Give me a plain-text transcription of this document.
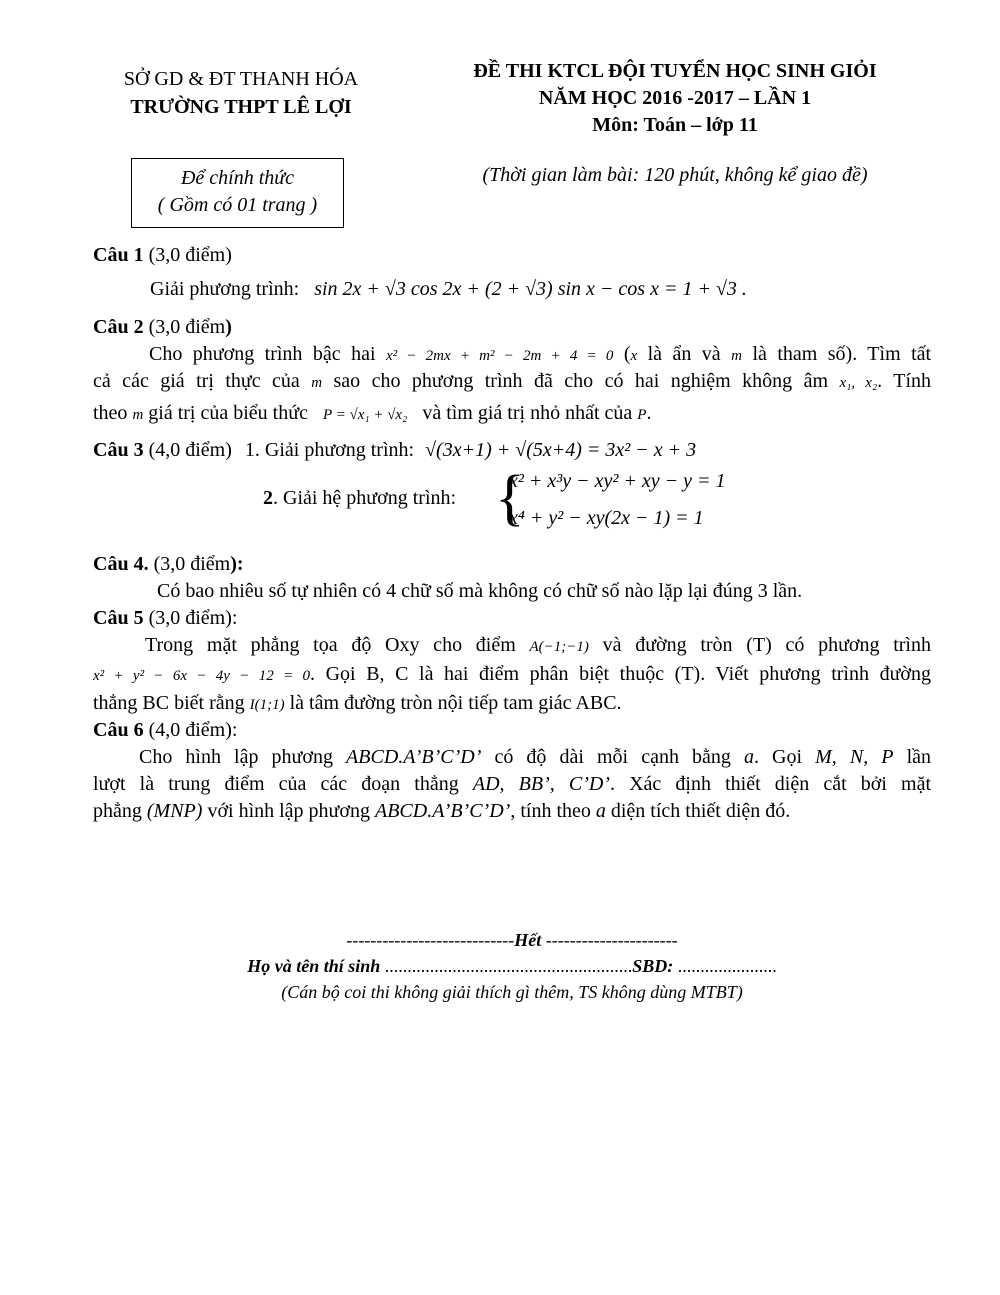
SỞ GD & ĐT THANH HÓA
TRƯỜNG THPT LÊ LỢI
ĐỀ THI KTCL ĐỘI TUYỂN HỌC SINH GIỎI
NĂM HỌC 2016 -2017 – LẦN 1
Môn: Toán – lớp 11
Để chính thức
( Gồm có 01 trang )
(Thời gian làm bài: 120 phút, không kể giao đề)
Câu 1 (3,0 điểm)
Giải phương trình: sin 2x + √3 cos 2x + (2 + √3) sin x − cos x = 1 + √3 .
Câu 2 (3,0 điểm)
Cho phương trình bậc hai x² − 2mx + m² − 2m + 4 = 0 (x là ẩn và m là tham số). Tìm tất
cả các giá trị thực của m sao cho phương trình đã cho có hai nghiệm không âm x₁, x₂. Tính
theo m giá trị của biểu thức P = √x₁ + √x₂ và tìm giá trị nhỏ nhất của P.
Câu 3 (4,0 điểm) 1. Giải phương trình: √(3x+1) + √(5x+4) = 3x² − x + 3
2. Giải hệ phương trình: {
x² + x³y − xy² + xy − y = 1
x⁴ + y² − xy(2x − 1) = 1
Câu 4. (3,0 điểm):
Có bao nhiêu số tự nhiên có 4 chữ số mà không có chữ số nào lặp lại đúng 3 lần.
Câu 5 (3,0 điểm):
Trong mặt phẳng tọa độ Oxy cho điểm A(−1;−1) và đường tròn (T) có phương trình
x² + y² − 6x − 4y − 12 = 0. Gọi B, C là hai điểm phân biệt thuộc (T). Viết phương trình đường
thẳng BC biết rằng I(1;1) là tâm đường tròn nội tiếp tam giác ABC.
Câu 6 (4,0 điểm):
Cho hình lập phương ABCD.A’B’C’D’ có độ dài mỗi cạnh bằng a. Gọi M, N, P lần
lượt là trung điểm của các đoạn thẳng AD, BB’, C’D’. Xác định thiết diện cắt bởi mặt
phẳng (MNP) với hình lập phương ABCD.A’B’C’D’, tính theo a diện tích thiết diện đó.
----------------------------Hết ----------------------
Họ và tên thí sinh .......................................................SBD: ......................
(Cán bộ coi thi không giải thích gì thêm, TS không dùng MTBT)
